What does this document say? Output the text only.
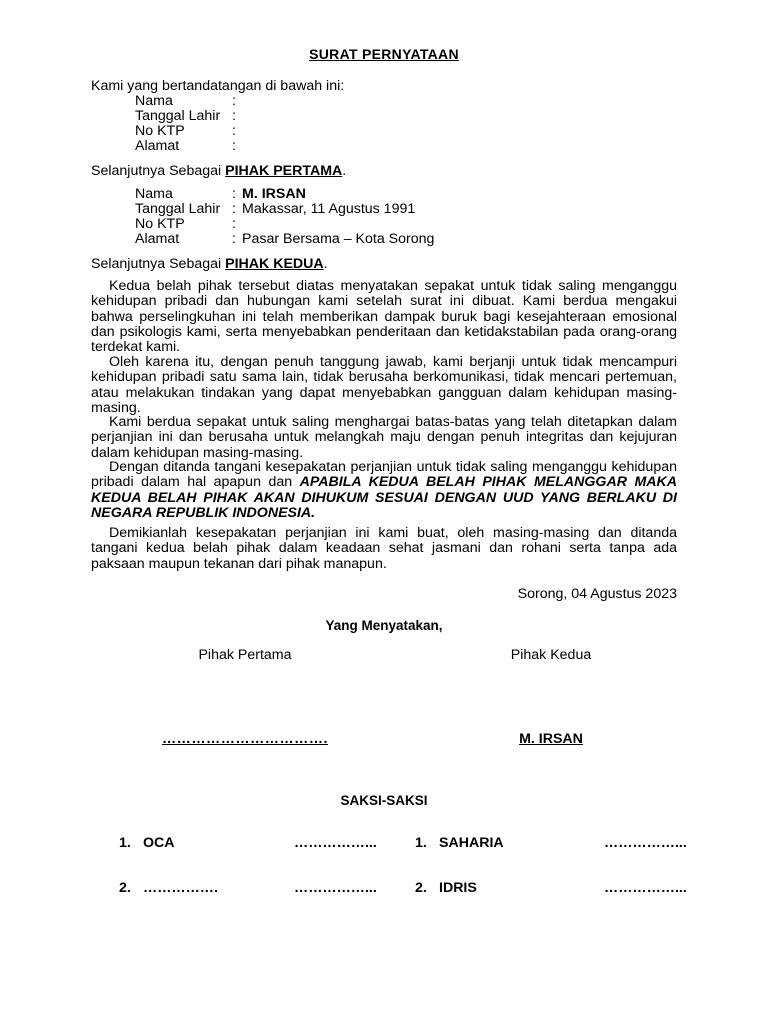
SURAT PERNYATAAN
Kami yang bertandatangan di bawah ini:
Nama	:
Tanggal Lahir :
No KTP	:
Alamat	:
Selanjutnya Sebagai PIHAK PERTAMA.
Nama	: M. IRSAN
Tanggal Lahir : Makassar, 11 Agustus 1991
No KTP	:
Alamat	: Pasar Bersama – Kota Sorong
Selanjutnya Sebagai PIHAK KEDUA.

Kedua belah pihak tersebut diatas menyatakan sepakat untuk tidak saling menganggu kehidupan pribadi dan hubungan kami setelah surat ini dibuat. Kami berdua mengakui bahwa perselingkuhan ini telah memberikan dampak buruk bagi kesejahteraan emosional dan psikologis kami, serta menyebabkan penderitaan dan ketidakstabilan pada orang-orang terdekat kami.

Oleh karena itu, dengan penuh tanggung jawab, kami berjanji untuk tidak mencampuri kehidupan pribadi satu sama lain, tidak berusaha berkomunikasi, tidak mencari pertemuan, atau melakukan tindakan yang dapat menyebabkan gangguan dalam kehidupan masing-masing.

Kami berdua sepakat untuk saling menghargai batas-batas yang telah ditetapkan dalam perjanjian ini dan berusaha untuk melangkah maju dengan penuh integritas dan kejujuran dalam kehidupan masing-masing.

Dengan ditanda tangani kesepakatan perjanjian untuk tidak saling menganggu kehidupan pribadi dalam hal apapun dan APABILA KEDUA BELAH PIHAK MELANGGAR MAKA KEDUA BELAH PIHAK AKAN DIHUKUM SESUAI DENGAN UUD YANG BERLAKU DI NEGARA REPUBLIK INDONESIA.

Demikianlah kesepakatan perjanjian ini kami buat, oleh masing-masing dan ditanda tangani kedua belah pihak dalam keadaan sehat jasmani dan rohani serta tanpa ada paksaan maupun tekanan dari pihak manapun.

Sorong, 04 Agustus 2023
Yang Menyatakan,
Pihak Pertama	Pihak Kedua
…………………………….	M. IRSAN
SAKSI-SAKSI
1. OCA	……………...	1. SAHARIA	……………...
2. …………….	……………...	2. IDRIS	……………...
